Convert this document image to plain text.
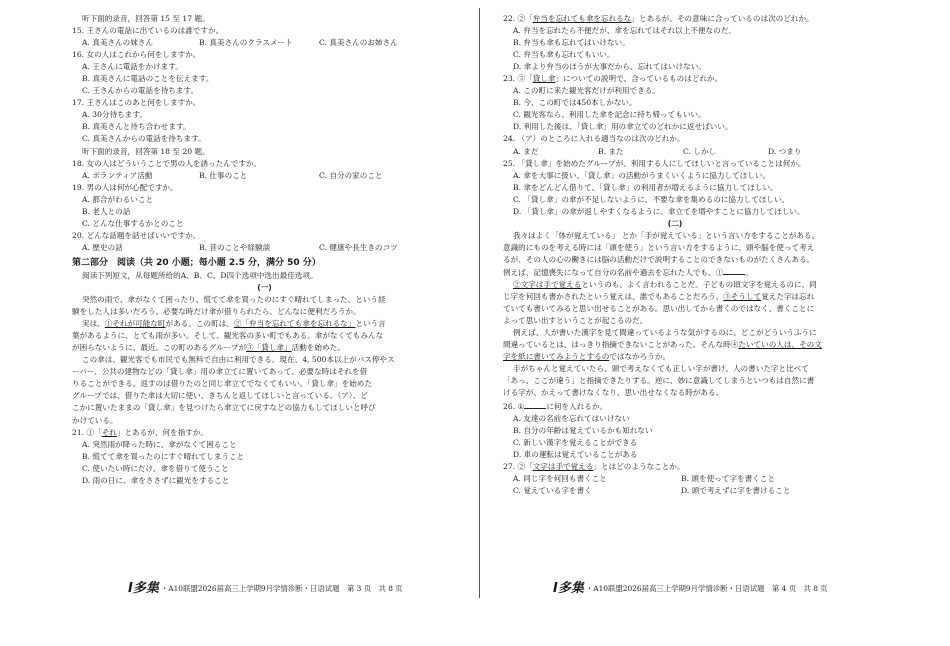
听下面的录音，回答第 15 至 17 题。
15. 王さんの電話に出ているのは誰ですか。
A. 真美さんの妹さん	B. 真美さんのクラスメート	C. 真美さんのお姉さん
16. 女の人はこれから何をしますか。
A. 王さんに電話をかけます。
B. 真美さんに電話のことを伝えます。
C. 王さんからの電話を待ちます。
17. 王さんはこのあと何をしますか。
A. 30分待ちます。
B. 真美さんと待ち合わせます。
C. 真美さんからの電話を待ちます。
听下面的录音，回答第 18 至 20 题。
18. 女の人はどういうことで男の人を誘ったんですか。
A. ボランティア活動	B. 仕事のこと	C. 自分の家のこと
19. 男の人は何が心配ですか。
A. 都合がわるいこと
B. 老人との話
C. どんな仕事するかとのこと
20. どんな話題を話せばいいですか。
A. 歴史の話	B. 昔のことや経験談	C. 健康や長生きのコツ
第二部分　阅读（共 20 小题；每小题 2.5 分，满分 50 分）
阅读下列短文，从每题所给的A、B、C、D四个选项中选出最佳选项。
(一)
突然の雨で、傘がなくて困ったり、慌てて傘を買ったのにすぐ晴れてしまった、という経
験をした人は多いだろう。必要な時だけ傘が借りられたら、どんなに便利だろうか。
実は、①それが可能な町がある。この町は、②「弁当を忘れても傘を忘れるな」という言
葉があるように、とても雨が多い。そして、観光客の多い町でもある。傘がなくてもみんな
が困らないように、最近、この町のあるグループが③「貸し傘」活動を始めた。
この傘は、観光客でも市民でも無料で自由に利用できる。現在、4, 500本以上がバス停やス
ーパー、公共の建物などの「貸し傘」用の傘立てに置いてあって、必要な時はそれを借
りることができる。返すのは借りたのと同じ傘立てでなくてもいい。「貸し傘」を始めた
グループでは、借りた傘は大切に使い、きちんと返してほしいと言っている。（ア）、ど
こかに置いたままの「貸し傘」を見つけたら傘立てに戻すなどの協力もしてほしいと呼び
かけている。
21. ①「それ」とあるが、何を指すか。
A. 突然雨が降った時に、傘がなくて困ること
B. 慌てて傘を買ったのにすぐ晴れてしまうこと
C. 使いたい時にだけ、傘を借りて使うこと
D. 雨の日に、傘をささずに観光をすること
I多集 ・A10联盟2026届高三上学期9月学情诊断・日语试题　第 3 页　共 8 页
22. ②「弁当を忘れても傘を忘れるな」とあるが、その意味に合っているのは次のどれか。
A. 弁当を忘れたら不便だが、傘を忘れてはそれ以上不便なのだ。
B. 弁当も傘も忘れてはいけない。
C. 弁当も傘も忘れてもいい。
D. 傘より弁当のほうが大事だから、忘れてはいけない。
23. ③「貸し傘」についての説明で、合っているものはどれか。
A. この町に来た観光客だけが利用できる。
B. 今、この町では450本しかない。
C. 観光客なら、利用した傘を記念に持ち帰ってもいい。
D. 利用した後は、「貸し傘」用の傘立てのどれかに返せばいい。
24. （ア）のところに入れる適当なのは次のどれか。
A. まだ	B. また	C. しかし	D. つまり
25. 「貸し傘」を始めたグループが、利用する人にしてほしいと言っていることは何か。
A. 傘を大事に扱い、「貸し傘」の活動がうまくいくように協力してほしい。
B. 傘をどんどん借りて、「貸し傘」の利用者が増えるように協力してほしい。
C. 「貸し傘」の傘が不足しないように、不要な傘を集めるのに協力してほしい。
D. 「貸し傘」の傘が返しやすくなるように、傘立てを増やすことに協力してほしい。
(二)
我々はよく「体が覚えている」 とか「手が覚えている」という言い方をすることがある。
意識的にものを考える時には「頭を使う」という言い方をするように、頭や脳を使って考え
るが、その人の心の働きには脳の活動だけで説明することのできないものがたくさんある。
例えば、記憶喪失になって自分の名前や過去を忘れた人でも、①	。
②文字は手で覚えるというのも、よく言われることだ。子どもの頃文字を覚えるのに、同
じ字を何回も書かされたという覚えは、誰でもあることだろう。③そうして覚えた字は忘れ
ていても書いてみると思い出せることがある。思い出してから書くのではなく、書くことに
よって思い出すということが起こるのだ。
例えば、人が書いた漢字を見て間違っているような気がするのに、どこがどういうふうに
間違っているとは、はっきり指摘できないことがあった。そんな時④たいていの人は、その文
字を紙に書いてみようとするのではなかろうか。
手がちゃんと覚えていたら、頭で考えなくても正しい字が書け、人の書いた字と比べて
「あっ、ここが違う」と指摘できたりする。逆に、妙に意識してしまうといつもは自然に書
ける字が、かえって書けなくなり、思い出せなくなる時がある。
26. ①	に何を入れるか。
A. 友達の名前を忘れてはいけない
B. 自分の年齢は覚えているかも知れない
C. 新しい漢字を覚えることができる
D. 車の運転は覚えていることがある
27. ②「文字は手で覚える」とはどのようなことか。
A. 同じ字を何回も書くこと	B. 頭を使って字を書くこと
C. 覚えている字を書く	D. 頭で考えずに字を書けること
I多集 ・A10联盟2026届高三上学期9月学情诊断・日语试题　第 4 页　共 8 页
